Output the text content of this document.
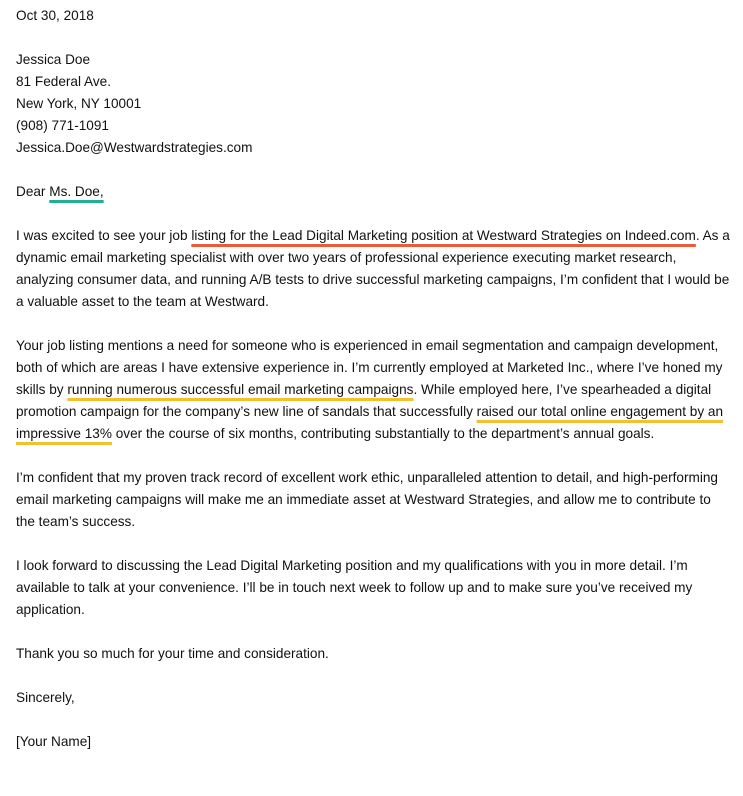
Oct 30, 2018

Jessica Doe

81 Federal Ave.

New York, NY 10001

(908) 771-1091

Jessica.Doe@Westwardstrategies.com

Dear Ms. Doe,

I was excited to see your job listing for the Lead Digital Marketing position at Westward Strategies on Indeed.com. As a dynamic email marketing specialist with over two years of professional experience executing market research, analyzing consumer data, and running A/B tests to drive successful marketing campaigns, I’m confident that I would be a valuable asset to the team at Westward.

Your job listing mentions a need for someone who is experienced in email segmentation and campaign development, both of which are areas I have extensive experience in. I’m currently employed at Marketed Inc., where I’ve honed my skills by running numerous successful email marketing campaigns. While employed here, I’ve spearheaded a digital promotion campaign for the company’s new line of sandals that successfully raised our total online engagement by an impressive 13% over the course of six months, contributing substantially to the department’s annual goals.

I’m confident that my proven track record of excellent work ethic, unparalleled attention to detail, and high-performing email marketing campaigns will make me an immediate asset at Westward Strategies, and allow me to contribute to the team’s success.

I look forward to discussing the Lead Digital Marketing position and my qualifications with you in more detail. I’m available to talk at your convenience. I’ll be in touch next week to follow up and to make sure you’ve received my application.

Thank you so much for your time and consideration.

Sincerely,

[Your Name]
